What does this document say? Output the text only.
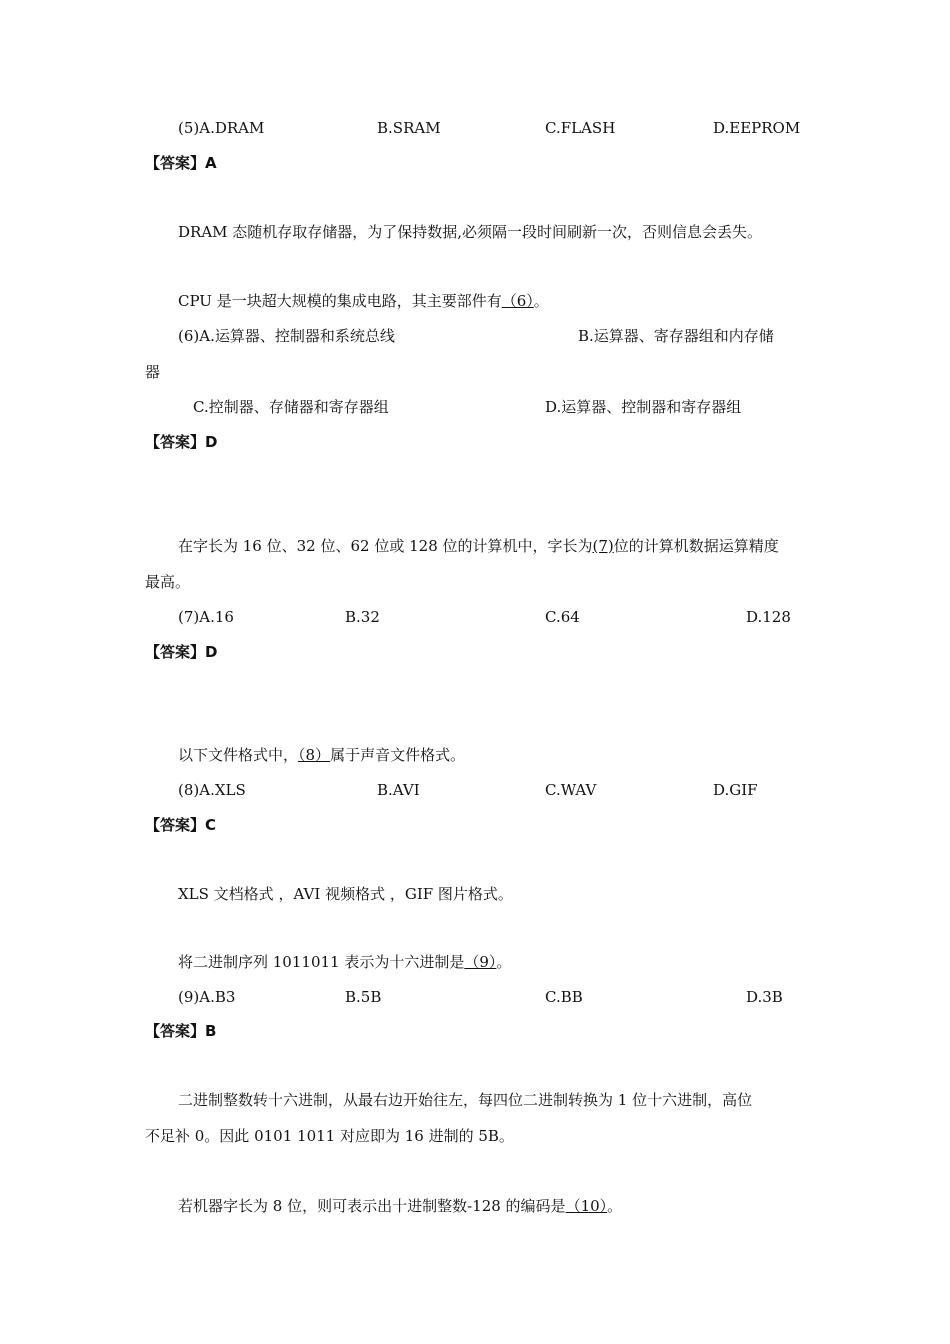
(5)A.DRAM	B.SRAM	C.FLASH	D.EEPROM
【答案】A
DRAM 态随机存取存储器，为了保持数据,必须隔一段时间刷新一次，否则信息会丢失。
CPU 是一块超大规模的集成电路，其主要部件有（6）。
(6)A.运算器、控制器和系统总线	B.运算器、寄存器组和内存储
器
C.控制器、存储器和寄存器组	D.运算器、控制器和寄存器组
【答案】D
在字长为 16 位、32 位、62 位或 128 位的计算机中，字长为(7)位的计算机数据运算精度
最高。
(7)A.16	B.32	C.64	D.128
【答案】D
以下文件格式中，（8）属于声音文件格式。
(8)A.XLS	B.AVI	C.WAV	D.GIF
【答案】C
XLS 文档格式 ，AVI 视频格式 ，GIF 图片格式。
将二进制序列 1011011 表示为十六进制是（9）。
(9)A.B3	B.5B	C.BB	D.3B
【答案】B
二进制整数转十六进制，从最右边开始往左，每四位二进制转换为 1 位十六进制，高位
不足补 0。因此 0101 1011 对应即为 16 进制的 5B。
若机器字长为 8 位，则可表示出十进制整数-128 的编码是（10）。
